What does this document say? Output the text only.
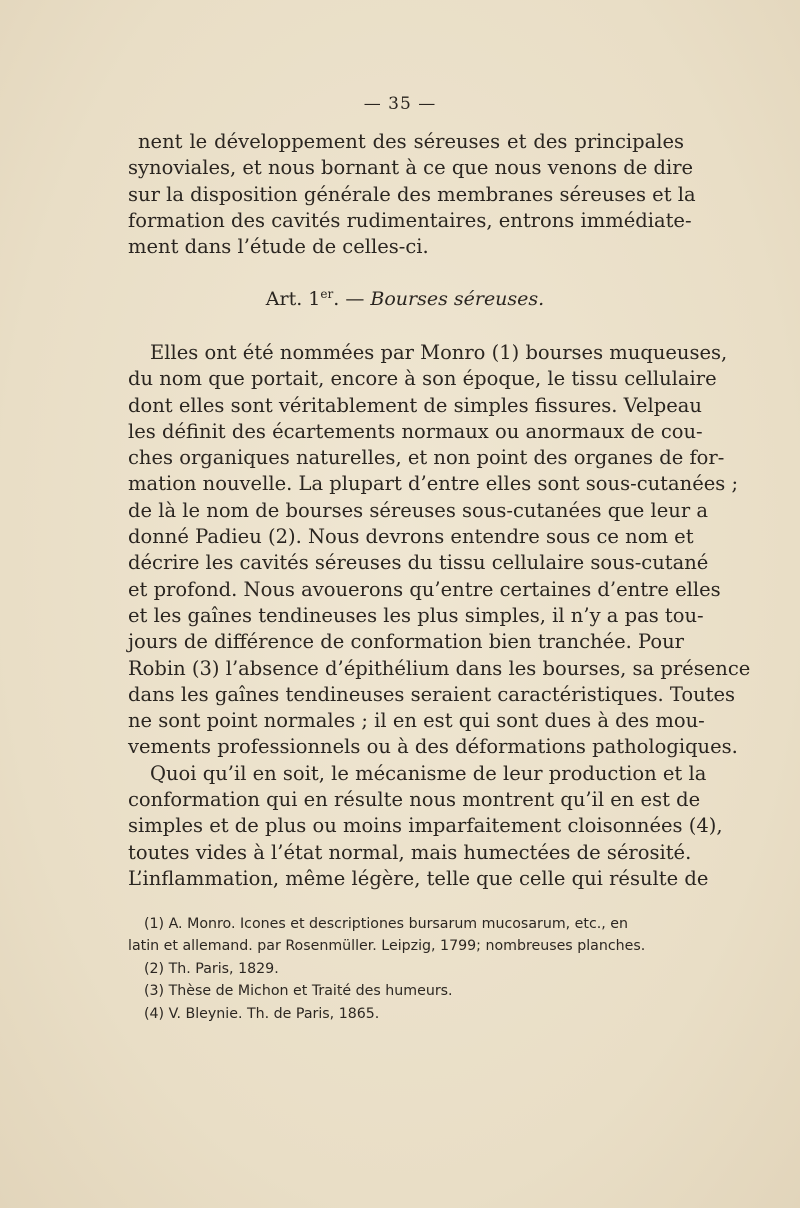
— 35 —
nent le développement des séreuses et des principales
synoviales, et nous bornant à ce que nous venons de dire
sur la disposition générale des membranes séreuses et la
formation des cavités rudimentaires, entrons immédiate-
ment dans l’étude de celles-ci.
Art. 1er. — Bourses séreuses.
Elles ont été nommées par Monro (1) bourses muqueuses,
du nom que portait, encore à son époque, le tissu cellulaire
dont elles sont véritablement de simples fissures. Velpeau
les définit des écartements normaux ou anormaux de cou-
ches organiques naturelles, et non point des organes de for-
mation nouvelle. La plupart d’entre elles sont sous-cutanées ;
de là le nom de bourses séreuses sous-cutanées que leur a
donné Padieu (2). Nous devrons entendre sous ce nom et
décrire les cavités séreuses du tissu cellulaire sous-cutané
et profond. Nous avouerons qu’entre certaines d’entre elles
et les gaînes tendineuses les plus simples, il n’y a pas tou-
jours de différence de conformation bien tranchée. Pour
Robin (3) l’absence d’épithélium dans les bourses, sa présence
dans les gaînes tendineuses seraient caractéristiques. Toutes
ne sont point normales ; il en est qui sont dues à des mou-
vements professionnels ou à des déformations pathologiques.
Quoi qu’il en soit, le mécanisme de leur production et la
conformation qui en résulte nous montrent qu’il en est de
simples et de plus ou moins imparfaitement cloisonnées (4),
toutes vides à l’état normal, mais humectées de sérosité.
L’inflammation, même légère, telle que celle qui résulte de
(1) A. Monro. Icones et descriptiones bursarum mucosarum, etc., en
latin et allemand. par Rosenmüller. Leipzig, 1799; nombreuses planches.
(2) Th. Paris, 1829.
(3) Thèse de Michon et Traité des humeurs.
(4) V. Bleynie. Th. de Paris, 1865.
